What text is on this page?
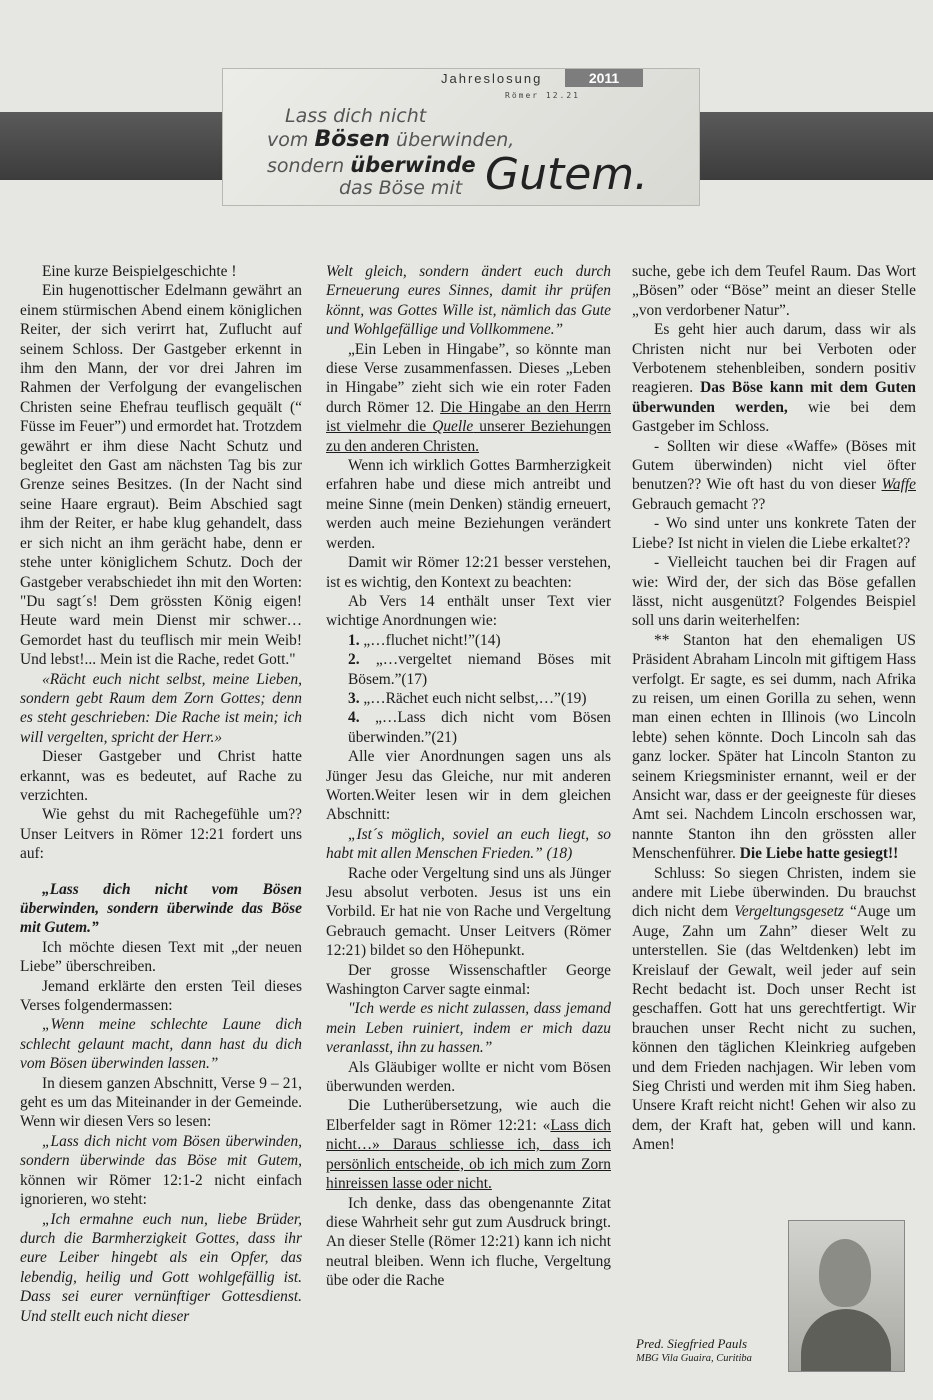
Jahreslosung	2011
Römer 12.21
Lass dich nicht
vom Bösen überwinden,
sondern überwinde
das Böse mit Gutem.

Eine kurze Beispielgeschichte !

Ein hugenottischer Edelmann gewährt an einem stürmischen Abend einem königlichen Reiter, der sich verirrt hat, Zuflucht auf seinem Schloss. Der Gastgeber erkennt in ihm den Mann, der vor drei Jahren im Rahmen der Verfolgung der evangelischen Christen seine Ehefrau teuflisch gequält (“ Füsse im Feuer”) und ermordet hat. Trotzdem gewährt er ihm diese Nacht Schutz und begleitet den Gast am nächsten Tag bis zur Grenze seines Besitzes. (In der Nacht sind seine Haare ergraut). Beim Abschied sagt ihm der Reiter, er habe klug gehandelt, dass er sich nicht an ihm gerächt habe, denn er stehe unter königlichem Schutz. Doch der Gastgeber verabschiedet ihn mit den Worten: "Du sagt´s! Dem grössten König eigen! Heute ward mein Dienst mir schwer… Gemordet hast du teuflisch mir mein Weib! Und lebst!... Mein ist die Rache, redet Gott."

«Rächt euch nicht selbst, meine Lieben, sondern gebt Raum dem Zorn Gottes; denn es steht geschrieben: Die Rache ist mein; ich will vergelten, spricht der Herr.»

Dieser Gastgeber und Christ hatte erkannt, was es bedeutet, auf Rache zu verzichten.

Wie gehst du mit Rachegefühle um?? Unser Leitvers in Römer 12:21 fordert uns auf:

„Lass dich nicht vom Bösen überwinden, sondern überwinde das Böse mit Gutem.”

Ich möchte diesen Text mit „der neuen Liebe” überschreiben.

Jemand erklärte den ersten Teil dieses Verses folgendermassen:

„Wenn meine schlechte Laune dich schlecht gelaunt macht, dann hast du dich vom Bösen überwinden lassen.”

In diesem ganzen Abschnitt, Verse 9 – 21, geht es um das Miteinander in der Gemeinde. Wenn wir diesen Vers so lesen:

„Lass dich nicht vom Bösen überwinden, sondern überwinde das Böse mit Gutem, können wir Römer 12:1-2 nicht einfach ignorieren, wo steht:

„Ich ermahne euch nun, liebe Brüder, durch die Barmherzigkeit Gottes, dass ihr eure Leiber hingebt als ein Opfer, das lebendig, heilig und Gott wohlgefällig ist. Dass sei eurer vernünftiger Gottesdienst. Und stellt euch nicht dieser

Welt gleich, sondern ändert euch durch Erneuerung eures Sinnes, damit ihr prüfen könnt, was Gottes Wille ist, nämlich das Gute und Wohlgefällige und Vollkommene.”

„Ein Leben in Hingabe”, so könnte man diese Verse zusammenfassen. Dieses „Leben in Hingabe” zieht sich wie ein roter Faden durch Römer 12. Die Hingabe an den Herrn ist vielmehr die Quelle unserer Beziehungen zu den anderen Christen.

Wenn ich wirklich Gottes Barmherzigkeit erfahren habe und diese mich antreibt und meine Sinne (mein Denken) ständig erneuert, werden auch meine Beziehungen verändert werden.

Damit wir Römer 12:21 besser verstehen, ist es wichtig, den Kontext zu beachten:

Ab Vers 14 enthält unser Text vier wichtige Anordnungen wie:

1. „…fluchet nicht!”(14)
2. „…vergeltet niemand Böses mit Bösem.”(17)
3. „…Rächet euch nicht selbst,…”(19)
4. „…Lass dich nicht vom Bösen überwinden.”(21)

Alle vier Anordnungen sagen uns als Jünger Jesu das Gleiche, nur mit anderen Worten.Weiter lesen wir in dem gleichen Abschnitt:

„Ist´s möglich, soviel an euch liegt, so habt mit allen Menschen Frieden.” (18)

Rache oder Vergeltung sind uns als Jünger Jesu absolut verboten. Jesus ist uns ein Vorbild. Er hat nie von Rache und Vergeltung Gebrauch gemacht. Unser Leitvers (Römer 12:21) bildet so den Höhepunkt.

Der grosse Wissenschaftler George Washington Carver sagte einmal:

"Ich werde es nicht zulassen, dass jemand mein Leben ruiniert, indem er mich dazu veranlasst, ihn zu hassen.”

Als Gläubiger wollte er nicht vom Bösen überwunden werden.

Die Lutherübersetzung, wie auch die Elberfelder sagt in Römer 12:21: «Lass dich nicht…» Daraus schliesse ich, dass ich persönlich entscheide, ob ich mich zum Zorn hinreissen lasse oder nicht.

Ich denke, dass das obengenannte Zitat diese Wahrheit sehr gut zum Ausdruck bringt. An dieser Stelle (Römer 12:21) kann ich nicht neutral bleiben. Wenn ich fluche, Vergeltung übe oder die Rache

suche, gebe ich dem Teufel Raum. Das Wort „Bösen” oder “Böse” meint an dieser Stelle „von verdorbener Natur”.

Es geht hier auch darum, dass wir als Christen nicht nur bei Verboten oder Verbotenem stehenbleiben, sondern positiv reagieren. Das Böse kann mit dem Guten überwunden werden, wie bei dem Gastgeber im Schloss.

- Sollten wir diese «Waffe» (Böses mit Gutem überwinden) nicht viel öfter benutzen?? Wie oft hast du von dieser Waffe Gebrauch gemacht ??

- Wo sind unter uns konkrete Taten der Liebe? Ist nicht in vielen die Liebe erkaltet??

- Vielleicht tauchen bei dir Fragen auf wie: Wird der, der sich das Böse gefallen lässt, nicht ausgenützt? Folgendes Beispiel soll uns darin weiterhelfen:

** Stanton hat den ehemaligen US Präsident Abraham Lincoln mit giftigem Hass verfolgt. Er sagte, es sei dumm, nach Afrika zu reisen, um einen Gorilla zu sehen, wenn man einen echten in Illinois (wo Lincoln lebte) sehen könnte. Doch Lincoln sah das ganz locker. Später hat Lincoln Stanton zu seinem Kriegsminister ernannt, weil er der Ansicht war, dass er der geeigneste für dieses Amt sei. Nachdem Lincoln erschossen war, nannte Stanton ihn den grössten aller Menschenführer. Die Liebe hatte gesiegt!!

Schluss: So siegen Christen, indem sie andere mit Liebe überwinden. Du brauchst dich nicht dem Vergeltungsgesetz “Auge um Auge, Zahn um Zahn” dieser Welt zu unterstellen. Sie (das Weltdenken) lebt im Kreislauf der Gewalt, weil jeder auf sein Recht bedacht ist. Doch unser Recht ist geschaffen. Gott hat uns gerechtfertigt. Wir brauchen unser Recht nicht zu suchen, können den täglichen Kleinkrieg aufgeben und dem Frieden nachjagen. Wir leben vom Sieg Christi und werden mit ihm Sieg haben. Unsere Kraft reicht nicht! Gehen wir also zu dem, der Kraft hat, geben will und kann. Amen!

Pred. Siegfried Pauls
MBG Vila Guaira, Curitiba
